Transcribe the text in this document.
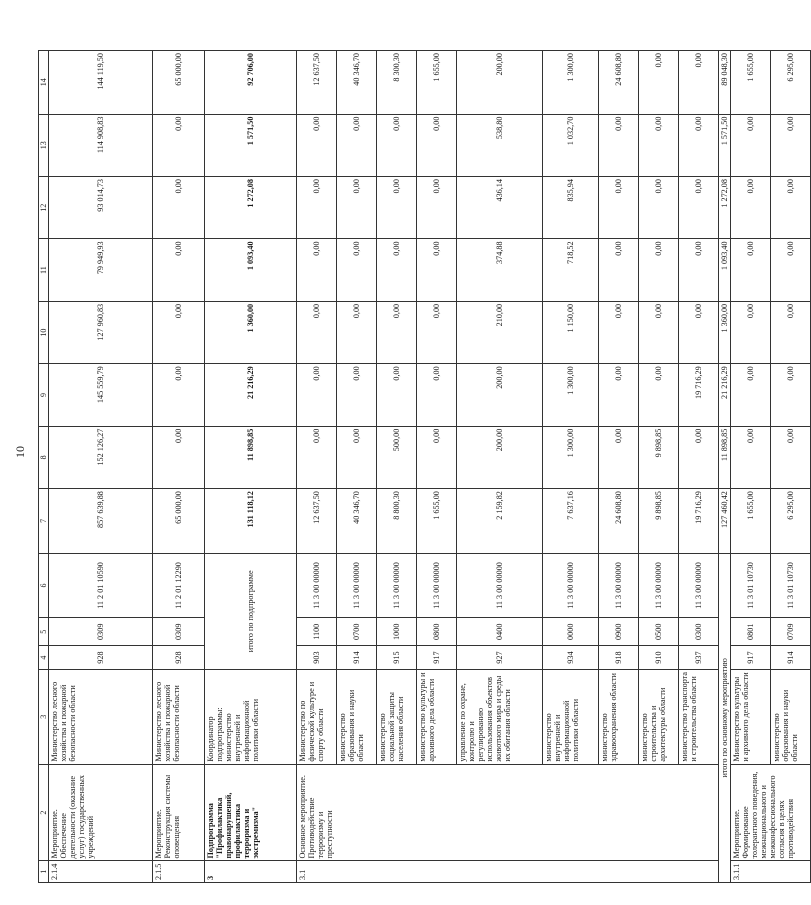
10
1	2	3	4	5	6	7	8	9	10	11	12	13	14
2.1.4	Мероприятие. Обеспечение деятельности (оказание услуг) государственных учреждений	Министерство лесного хозяйства и пожарной безопасности области	928	0309	11 2 01 10590	857 639,88	152 126,27	145 559,79	127 960,83	79 949,93	93 014,73	114 908,83	144 119,50
2.1.5	Мероприятие. Реконструкция системы оповещения	Министерство лесного хозяйства и пожарной безопасности области	928	0309	11 2 01 12290	65 000,00	0,00	0,00	0,00	0,00	0,00	0,00	65 000,00
3	Подпрограмма "Профилактика правонарушений, профилактика терроризма и экстремизма"	Координатор подпрограммы: министерство внутренней и информационной политики области	итого по подпрограмме			131 118,12	11 898,85	21 216,29	1 360,00	1 093,40	1 272,08	1 571,50	92 706,00
3.1	Основное мероприятие. Противодействие терроризму и преступности	Министерство по физической культуре и спорту области	903	1100	11 3 00 00000	12 637,50	0,00	0,00	0,00	0,00	0,00	0,00	12 637,50
		министерство образования и науки области	914	0700	11 3 00 00000	40 346,70	0,00	0,00	0,00	0,00	0,00	0,00	40 346,70
		министерство социальной защиты населения области	915	1000	11 3 00 00000	8 800,30	500,00	0,00	0,00	0,00	0,00	0,00	8 300,30
		министерство культуры и архивного дела области	917	0800	11 3 00 00000	1 655,00	0,00	0,00	0,00	0,00	0,00	0,00	1 655,00
		управление по охране, контролю и регулированию использования объектов животного мира и среды их обитания области	927	0400	11 3 00 00000	2 159,82	200,00	200,00	210,00	374,88	436,14	538,80	200,00
		министерство внутренней и информационной политики области	934	0000	11 3 00 00000	7 637,16	1 300,00	1 300,00	1 150,00	718,52	835,94	1 032,70	1 300,00
		министерство здравоохранения области	918	0900	11 3 00 00000	24 608,80	0,00	0,00	0,00	0,00	0,00	0,00	24 608,80
		министерство строительства и архитектуры области	910	0500	11 3 00 00000	9 898,85	9 898,85	0,00	0,00	0,00	0,00	0,00	0,00
		министерство транспорта и строительства области	937	0300	11 3 00 00000	19 716,29	0,00	19 716,29	0,00	0,00	0,00	0,00	0,00
итого по основному мероприятию						127 460,42	11 898,85	21 216,29	1 360,00	1 093,40	1 272,08	1 571,50	89 048,30
3.1.1	Мероприятие. Формирование толерантного поведения, межнационального и межконфессионального согласия в целях противодействия	Министерство культуры и архивного дела области	917	0801	11 3 01 10730	1 655,00	0,00	0,00	0,00	0,00	0,00	0,00	1 655,00
		министерство образования и науки области	914	0709	11 3 01 10730	6 295,00	0,00	0,00	0,00	0,00	0,00	0,00	6 295,00
